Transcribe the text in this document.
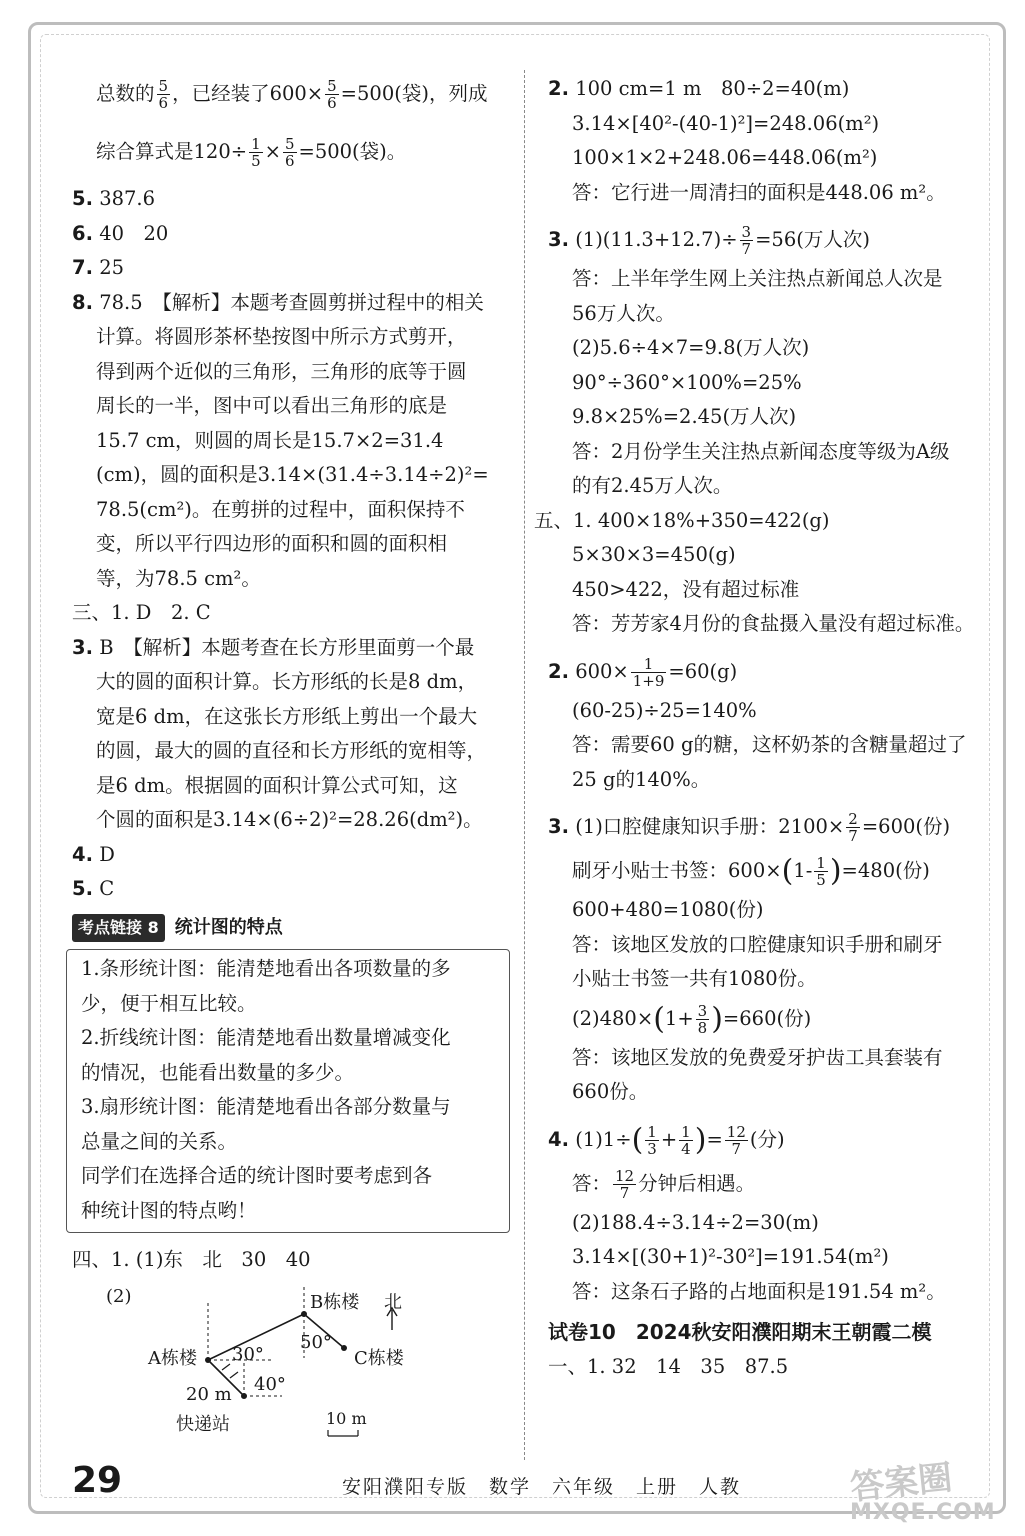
总数的 $\frac{5}{6}$ ，已经装了$600\times \frac{5}{6} =500$(袋)，列成

综合算式是$120\div \frac{1}{5} \times \frac{5}{6} =500$(袋)。

5. 387.6

6. 40　20

7. 25

8. 78.5　【解析】本题考查圆剪拼过程中的相关

计算。将圆形茶杯垫按图中所示方式剪开，

得到两个近似的三角形，三角形的底等于圆

周长的一半，图中可以看出三角形的底是

15.7 cm，则圆的周长是15.7×2=31.4

(cm)，圆的面积是3.14×(31.4÷3.14÷2)²=

78.5(cm²)。在剪拼的过程中，面积保持不

变，所以平行四边形的面积和圆的面积相

等，为78.5 cm²。

三、1. D　2. C

3. B　【解析】本题考查在长方形里面剪一个最

大的圆的面积计算。长方形纸的长是8 dm，

宽是6 dm，在这张长方形纸上剪出一个最大

的圆，最大的圆的直径和长方形纸的宽相等，

是6 dm。根据圆的面积计算公式可知，这

个圆的面积是3.14×(6÷2)²=28.26(dm²)。

4. D

5. C

考点链接 8 统计图的特点

1.条形统计图：能清楚地看出各项数量的多

少，便于相互比较。

2.折线统计图：能清楚地看出数量增减变化

的情况，也能看出数量的多少。

3.扇形统计图：能清楚地看出各部分数量与

总量之间的关系。

同学们在选择合适的统计图时要考虑到各

种统计图的特点哟！

四、1. (1)东　北　30　40

(2)	B栋楼 北
A栋楼	C栋楼
30°
50°
40°
20 m
快递站	10 m

2. 100 cm=1 m　80÷2=40(m)

3.14×[40²-(40-1)²]=248.06(m²)

100×1×2+248.06=448.06(m²)

答：它行进一周清扫的面积是448.06 m²。

3. $(1)(11.3+12.7)\div \frac{3}{7} =56$(万人次)

答：上半年学生网上关注热点新闻总人次是

56万人次。

(2)5.6÷4×7=9.8(万人次)

90°÷360°×100%=25%

9.8×25%=2.45(万人次)

答：2月份学生关注热点新闻态度等级为A级

的有2.45万人次。

五、1. 400×18%+350=422(g)

5×30×3=450(g)

450>422，没有超过标准

答：芳芳家4月份的食盐摄入量没有超过标准。

2. $600\times \frac{1}{1+9} =60(g)$

(60-25)÷25=140%

答：需要60 g的糖，这杯奶茶的含糖量超过了

25 g的140%。

3. (1)口腔健康知识手册：$2100\times \frac{2}{7} =600$(份)

刷牙小贴士书签：$600\times(1- \frac{1}{5} )=480$(份)

600+480=1080(份)

答：该地区发放的口腔健康知识手册和刷牙

小贴士书签一共有1080份。

$(2)480\times(1+ \frac{3}{8} )=660$(份)

答：该地区发放的免费爱牙护齿工具套装有

660份。

4. $(1)1\div( \frac{1}{3} + \frac{1}{4}$ )= $\frac{12}{7}$ (分)

答： $\frac{12}{7}$ 分钟后相遇。

(2)188.4÷3.14÷2=30(m)

3.14×[(30+1)²-30²]=191.54(m²)

答：这条石子路的占地面积是191.54 m²。

试卷10　2024秋安阳濮阳期末王朝霞二模

一、1. 32　14　35　87.5

29	安阳濮阳专版　数学　六年级　上册　人教	答案圈
MXQE.COM
